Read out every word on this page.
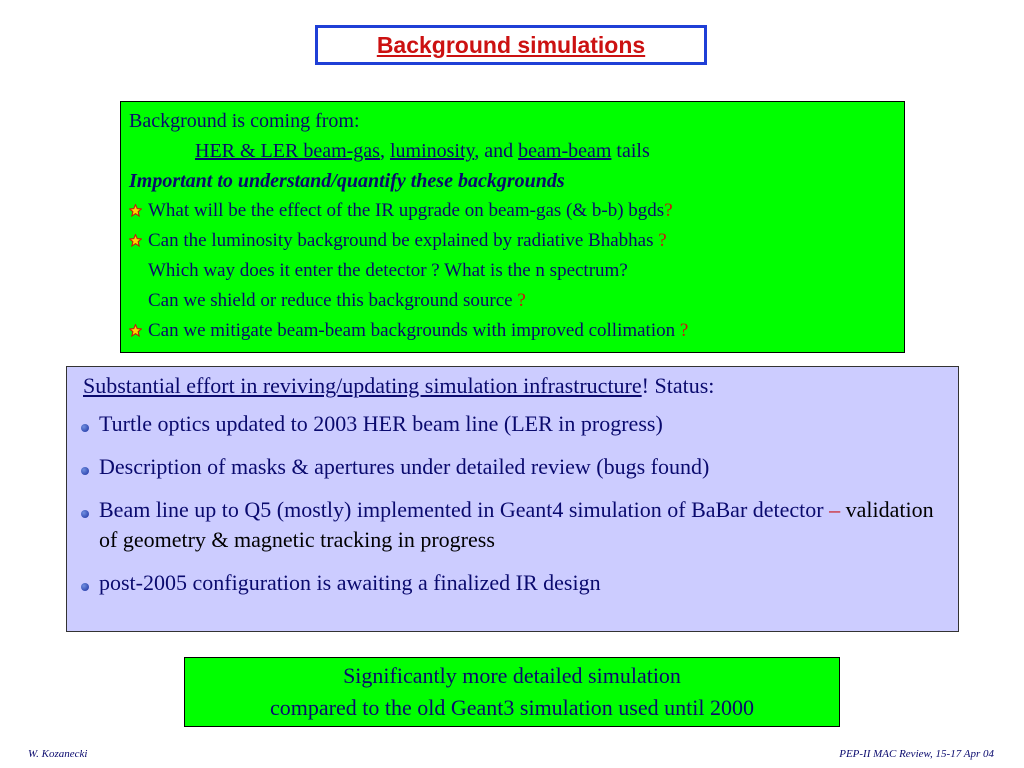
Background simulations
Background is coming from:
HER & LER beam-gas, luminosity, and beam-beam tails
Important to understand/quantify these backgrounds
What will be the effect of the IR upgrade on beam-gas (& b-b) bgds?
Can the luminosity background be explained by radiative Bhabhas ?
Which way does it enter the detector ? What is the n spectrum?
Can we shield or reduce this background source ?
Can we mitigate beam-beam backgrounds with improved collimation ?
Substantial effort in reviving/updating simulation infrastructure! Status:
Turtle optics updated to 2003 HER beam line (LER in progress)
Description of masks & apertures under detailed review (bugs found)
Beam line up to Q5 (mostly) implemented in Geant4 simulation of BaBar detector – validation of geometry & magnetic tracking in progress
post-2005 configuration is awaiting a finalized IR design
Significantly more detailed simulation
compared to the old Geant3 simulation used until 2000
W. Kozanecki	PEP-II MAC Review, 15-17 Apr 04
